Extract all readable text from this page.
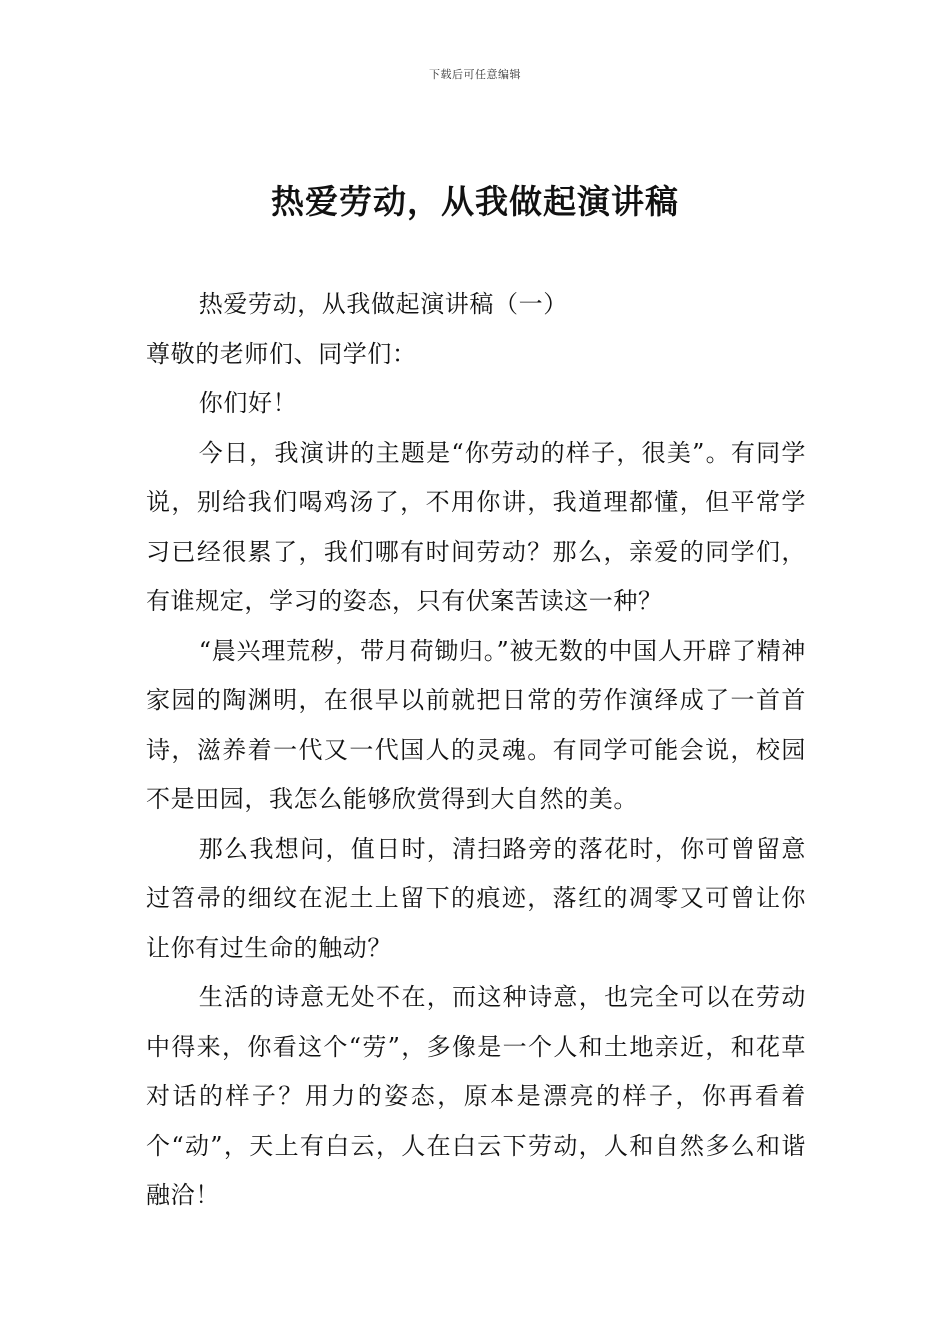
下载后可任意编辑
热爱劳动，从我做起演讲稿

热爱劳动，从我做起演讲稿（一）

尊敬的老师们、同学们：

你们好！

今日，我演讲的主题是“你劳动的样子，很美”。有同学说，别给我们喝鸡汤了，不用你讲，我道理都懂，但平常学习已经很累了，我们哪有时间劳动？那么，亲爱的同学们，有谁规定，学习的姿态，只有伏案苦读这一种？

“晨兴理荒秽，带月荷锄归。”被无数的中国人开辟了精神家园的陶渊明，在很早以前就把日常的劳作演绎成了一首首诗，滋养着一代又一代国人的灵魂。有同学可能会说，校园不是田园，我怎么能够欣赏得到大自然的美。

那么我想问，值日时，清扫路旁的落花时，你可曾留意过笤帚的细纹在泥土上留下的痕迹，落红的凋零又可曾让你让你有过生命的触动？

生活的诗意无处不在，而这种诗意，也完全可以在劳动中得来，你看这个“劳”，多像是一个人和土地亲近，和花草对话的样子？用力的姿态，原本是漂亮的样子，你再看着个“动”，天上有白云，人在白云下劳动，人和自然多么和谐融洽！
